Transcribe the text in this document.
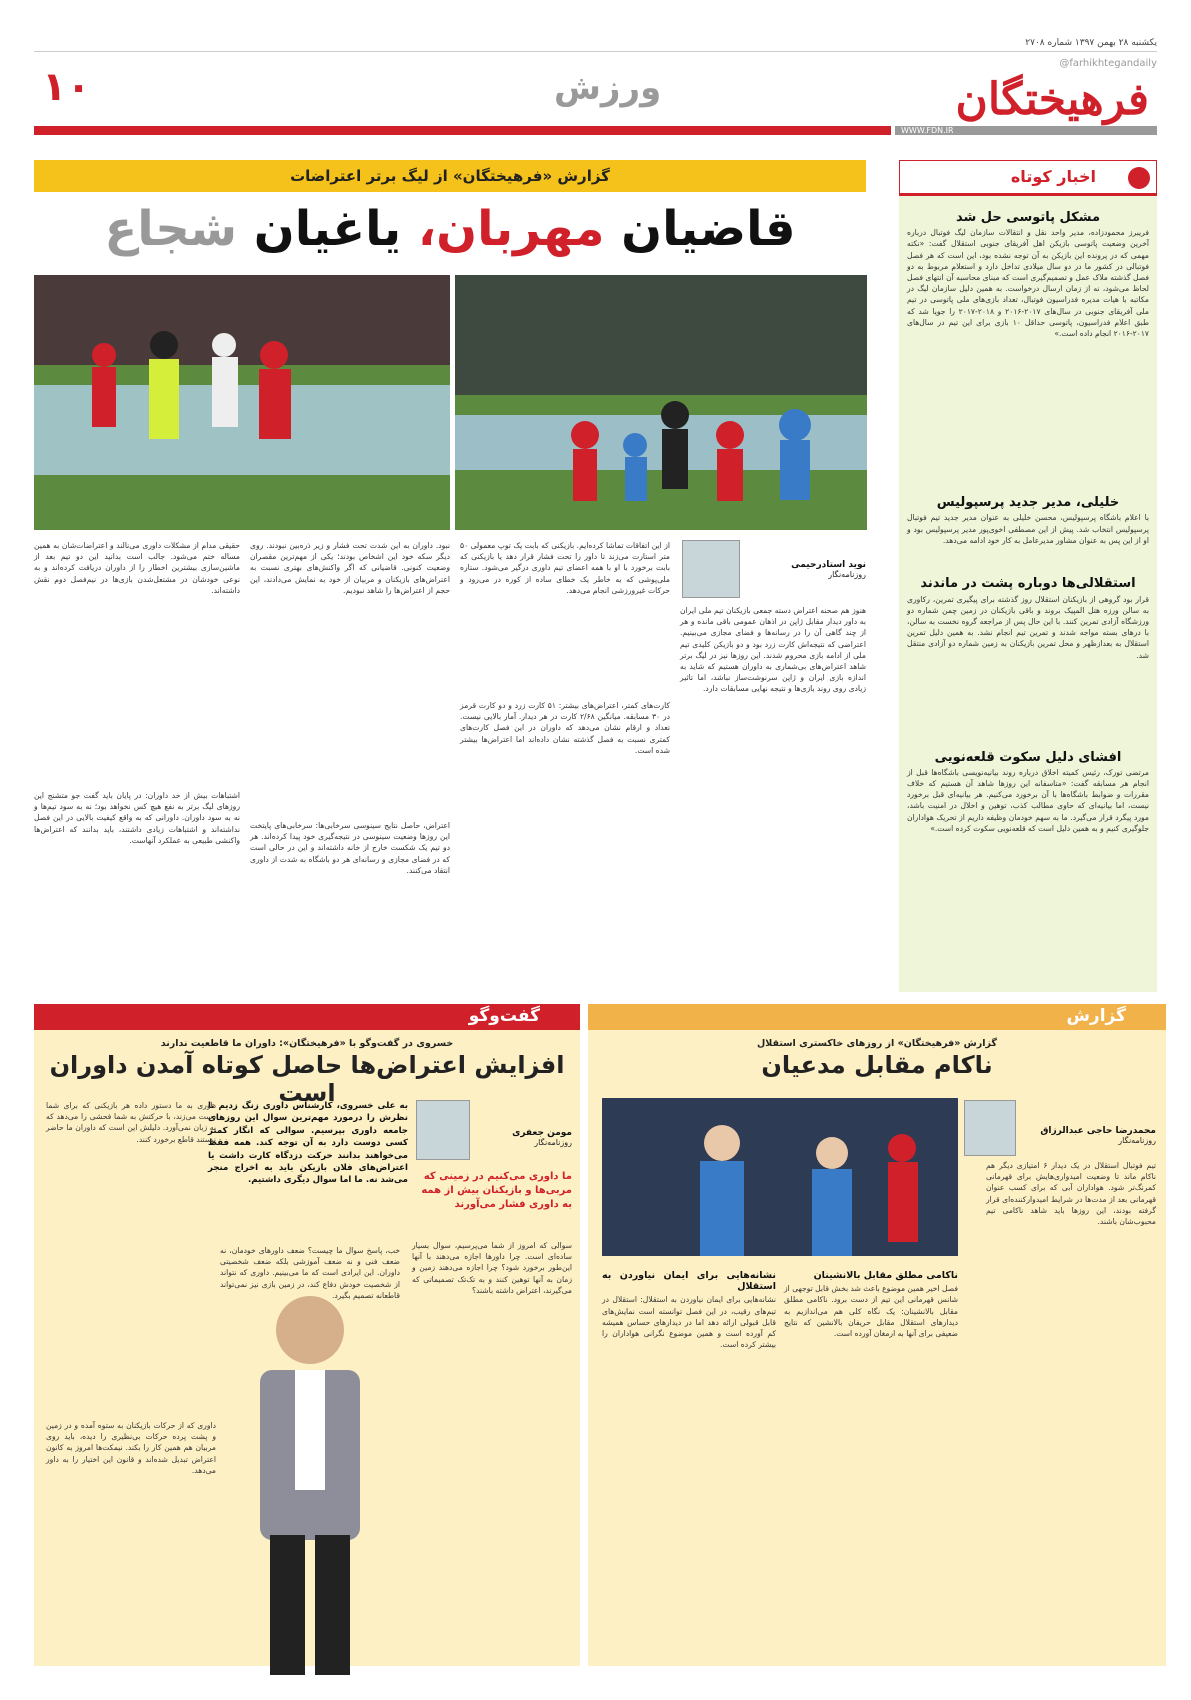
یکشنبه ۲۸ بهمن ۱۳۹۷ شماره ۲۷۰۸
@farhikhtegandaily
فرهیختگان
ورزش
۱۰
WWW.FDN.IR
اخبار کوتاه
مشکل پاتوسی حل شد
فریبرز محمودزاده، مدیر واحد نقل و انتقالات سازمان لیگ فوتبال درباره آخرین وضعیت پاتوسی بازیکن اهل آفریقای جنوبی استقلال گفت: «نکته مهمی که در پرونده این بازیکن به آن توجه نشده بود، این است که هر فصل فوتبالی در کشور ما در دو سال میلادی تداخل دارد و استعلام مربوط به دو فصل گذشته ملاک عمل و تصمیم‌گیری است که مبنای محاسبه آن انتهای فصل لحاظ می‌شود، نه از زمان ارسال درخواست. به همین دلیل سازمان لیگ در مکاتبه با هیات مدیره فدراسیون فوتبال، تعداد بازی‌های ملی پاتوسی در تیم ملی آفریقای جنوبی در سال‌های ۲۰۱۷-۲۰۱۶ و ۲۰۱۸-۲۰۱۷ را جویا شد که طبق اعلام فدراسیون، پاتوسی حداقل ۱۰ بازی برای این تیم در سال‌های ۲۰۱۷-۲۰۱۶ انجام داده است.»
خلیلی، مدیر جدید پرسپولیس
با اعلام باشگاه پرسپولیس، محسن خلیلی به عنوان مدیر جدید تیم فوتبال پرسپولیس انتخاب شد. پیش از این مصطفی اخوی‌پور مدیر پرسپولیس بود و او از این پس به عنوان مشاور مدیرعامل به کار خود ادامه می‌دهد.
استقلالی‌ها دوباره پشت در ماندند
قرار بود گروهی از بازیکنان استقلال روز گذشته برای پیگیری تمرین، رکاوری به سالن ورزه هتل المپیک بروند و باقی بازیکنان در زمین چمن شماره دو ورزشگاه آزادی تمرین کنند. با این حال پس از مراجعه گروه نخست به سالن، با درهای بسته مواجه شدند و تمرین تیم انجام نشد. به همین دلیل تمرین استقلال به بعدازظهر و محل تمرین بازیکنان به زمین شماره دو آزادی منتقل شد.
افشای دلیل سکوت قلعه‌نویی
مرتضی تورک، رئیس کمیته اخلاق درباره روند بیانیه‌نویسی باشگاه‌ها قبل از انجام هر مسابقه گفت: «متاسفانه این روزها شاهد آن هستیم که خلاف مقررات و ضوابط باشگاه‌ها با آن برخورد می‌کنیم. هر بیانیه‌ای قبل برخورد نیست، اما بیانیه‌ای که حاوی مطالب کذب، توهین و اخلال در امنیت باشد، مورد پیگرد قرار می‌گیرد. ما به سهم خودمان وظیفه داریم از تحریک هواداران جلوگیری کنیم و به همین دلیل است که قلعه‌نویی سکوت کرده است.»
گزارش «فرهیختگان» از لیگ برتر اعتراضات
قاضیان مهربان، یاغیان شجاع
نوید استادرحیمی
روزنامه‌نگار
هنوز هم صحنه اعتراض دسته جمعی بازیکنان تیم ملی ایران به داور دیدار مقابل ژاپن در اذهان عمومی باقی مانده و هر از چند گاهی آن را در رسانه‌ها و فضای مجازی می‌بینیم. اعتراضی که نتیجه‌اش کارت زرد بود و دو بازیکن کلیدی تیم ملی از ادامه بازی محروم شدند. این روزها نیز در لیگ برتر شاهد اعتراض‌های بی‌شماری به داوران هستیم که شاید به اندازه بازی ایران و ژاپن سرنوشت‌ساز نباشد، اما تاثیر زیادی روی روند بازی‌ها و نتیجه نهایی مسابقات دارد.
از این اتفاقات تماشا کرده‌ایم. بازیکنی که بابت یک توپ معمولی ۵۰ متر استارت می‌زند تا داور را تحت فشار قرار دهد یا بازیکنی که بابت برخورد با او با همه اعضای تیم داوری درگیر می‌شود. ستاره ملی‌پوشی که به خاطر یک خطای ساده از کوره در می‌رود و حرکات غیرورزشی انجام می‌دهد.
کارت‌های کمتر، اعتراض‌های بیشتر: ۵۱ کارت زرد و دو کارت قرمز در ۳۰ مسابقه. میانگین ۲/۶۸ کارت در هر دیدار. آمار بالایی نیست. تعداد و ارقام نشان می‌دهد که داوران در این فصل کارت‌های کمتری نسبت به فصل گذشته نشان داده‌اند اما اعتراض‌ها بیشتر شده است.
نبود. داوران به این شدت تحت فشار و زیر ذره‌بین نبودند. روی دیگر سکه خود این اشخاص بودند؛ یکی از مهم‌ترین مقصران وضعیت کنونی. قاضیانی که اگر واکنش‌های بهتری نسبت به اعتراض‌های بازیکنان و مربیان از خود به نمایش می‌دادند، این حجم از اعتراض‌ها را شاهد نبودیم.
اعتراض، حاصل نتایج سینوسی سرخابی‌ها: سرخابی‌های پایتخت این روزها وضعیت سینوسی در نتیجه‌گیری خود پیدا کرده‌اند. هر دو تیم یک شکست خارج از خانه داشته‌اند و این در حالی است که در فضای مجازی و رسانه‌ای هر دو باشگاه به شدت از داوری انتقاد می‌کنند.
حقیقی مدام از مشکلات داوری می‌نالند و اعتراضات‌شان به همین مساله ختم می‌شود. جالب است بدانید این دو تیم بعد از ماشین‌سازی بیشترین اخطار را از داوران دریافت کرده‌اند و به نوعی خودشان در مشتعل‌شدن بازی‌ها در نیم‌فصل دوم نقش داشته‌اند.
اشتباهات بیش از حد داوران: در پایان باید گفت جو متشنج این روزهای لیگ برتر به نفع هیچ کس نخواهد بود؛ نه به سود تیم‌ها و نه به سود داوران. داورانی که به واقع کیفیت بالایی در این فصل نداشته‌اند و اشتباهات زیادی داشتند، باید بدانند که اعتراض‌ها واکنشی طبیعی به عملکرد آنهاست.
گزارش
گزارش «فرهیختگان» از روزهای خاکستری استقلال
ناکام مقابل مدعیان
محمدرضا حاجی عبدالرزاق
روزنامه‌نگار
تیم فوتبال استقلال در یک دیدار ۶ امتیازی دیگر هم ناکام ماند تا وضعیت امیدواری‌هایش برای قهرمانی کمرنگ‌تر شود. هواداران آبی که برای کسب عنوان قهرمانی بعد از مدت‌ها در شرایط امیدوارکننده‌ای قرار گرفته بودند، این روزها باید شاهد ناکامی تیم محبوب‌شان باشند.
ناکامی مطلق مقابل بالانشینان
فصل اخیر همین موضوع باعث شد بخش قابل توجهی از شانس قهرمانی این تیم از دست برود. ناکامی مطلق مقابل بالانشینان: یک نگاه کلی هم می‌اندازیم به دیدارهای استقلال مقابل حریفان بالانشین که نتایج ضعیفی برای آنها به ارمغان آورده است.
نشانه‌هایی برای ایمان نیاوردن به استقلال
نشانه‌هایی برای ایمان نیاوردن به استقلال: استقلال در تیم‌های رقیب، در این فصل توانسته است نمایش‌های قابل قبولی ارائه دهد اما در دیدارهای حساس همیشه کم آورده است و همین موضوع نگرانی هواداران را بیشتر کرده است.
گفت‌وگو
خسروی در گفت‌وگو با «فرهیختگان»: داوران ما قاطعیت ندارند
افزایش اعتراض‌ها حاصل کوتاه آمدن داوران است
مومن جعفری
روزنامه‌نگار
به علی خسروی، کارشناس داوری زنگ زدیم تا نظرش را درمورد مهم‌ترین سوال این روزهای جامعه داوری بپرسیم. سوالی که انگار کمتر کسی دوست دارد به آن توجه کند. همه فقط می‌خواهند بدانند حرکت دزدگاه کارت داشت یا اعتراض‌های فلان بازیکن باید به اخراج منجر می‌شد نه. ما اما سوال دیگری داشتیم.	ما داوری می‌کنیم در زمینی که مربی‌ها و بازیکنان بیش از همه به داوری فشار می‌آورند
سوالی که امروز از شما می‌پرسیم، سوال بسیار ساده‌ای است. چرا داورها اجازه می‌دهند با آنها این‌طور برخورد شود؟ چرا اجازه می‌دهند زمین و زمان به آنها توهین کنند و به تک‌تک تصمیماتی که می‌گیرند، اعتراض داشته باشند؟
داوری به ما دستور داده هر بازیکنی که برای شما دست می‌زند، با حرکتش به شما فحشی را می‌دهد که به زبان نمی‌آورد. دلیلش این است که داوران ما حاضر نیستند قاطع برخورد کنند.
داوری که از حرکات بازیکنان به ستوه آمده و در زمین و پشت پرده حرکات بی‌نظیری را دیده، باید روی مربیان هم همین کار را بکند. نیمکت‌ها امروز به کانون اعتراض تبدیل شده‌اند و قانون این اختیار را به داور می‌دهد.
خب، پاسخ سوال ما چیست؟ ضعف داورهای خودمان، نه ضعف فنی و نه ضعف آموزشی بلکه ضعف شخصیتی داوران. این ایرادی است که ما می‌بینیم. داوری که نتواند از شخصیت خودش دفاع کند، در زمین بازی نیز نمی‌تواند قاطعانه تصمیم بگیرد.
